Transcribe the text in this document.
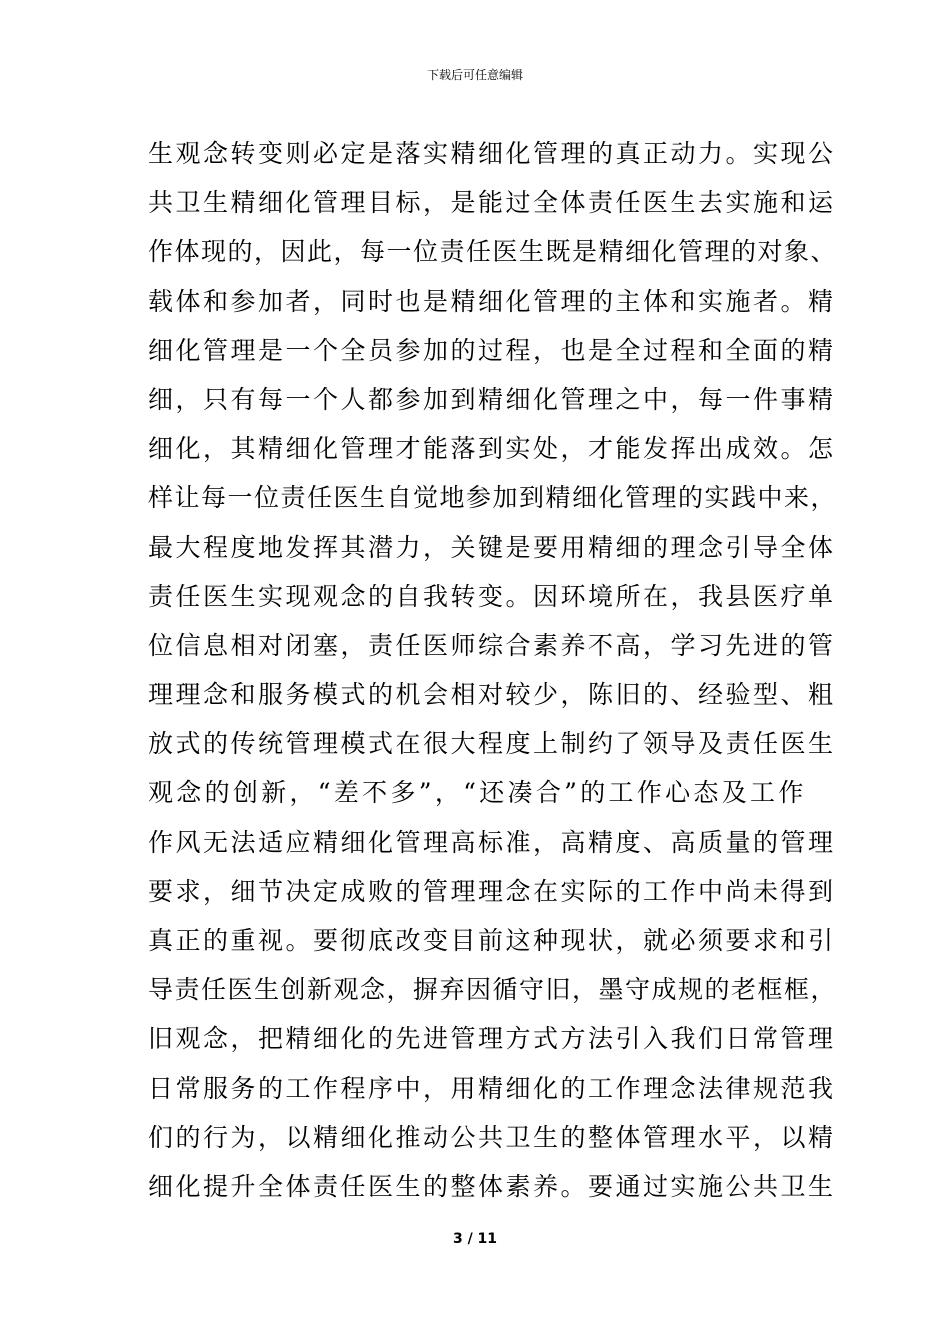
下载后可任意编辑
生观念转变则必定是落实精细化管理的真正动力。实现公
共卫生精细化管理目标，是能过全体责任医生去实施和运
作体现的，因此，每一位责任医生既是精细化管理的对象、
载体和参加者，同时也是精细化管理的主体和实施者。精
细化管理是一个全员参加的过程，也是全过程和全面的精
细，只有每一个人都参加到精细化管理之中，每一件事精
细化，其精细化管理才能落到实处，才能发挥出成效。怎
样让每一位责任医生自觉地参加到精细化管理的实践中来，
最大程度地发挥其潜力，关键是要用精细的理念引导全体
责任医生实现观念的自我转变。因环境所在，我县医疗单
位信息相对闭塞，责任医师综合素养不高，学习先进的管
理理念和服务模式的机会相对较少，陈旧的、经验型、粗
放式的传统管理模式在很大程度上制约了领导及责任医生
观念的创新，“差不多”，“还凑合”的工作心态及工作
作风无法适应精细化管理高标准，高精度、高质量的管理
要求，细节决定成败的管理理念在实际的工作中尚未得到
真正的重视。要彻底改变目前这种现状，就必须要求和引
导责任医生创新观念，摒弃因循守旧，墨守成规的老框框，
旧观念，把精细化的先进管理方式方法引入我们日常管理
日常服务的工作程序中，用精细化的工作理念法律规范我
们的行为，以精细化推动公共卫生的整体管理水平，以精
细化提升全体责任医生的整体素养。要通过实施公共卫生
3 / 11
